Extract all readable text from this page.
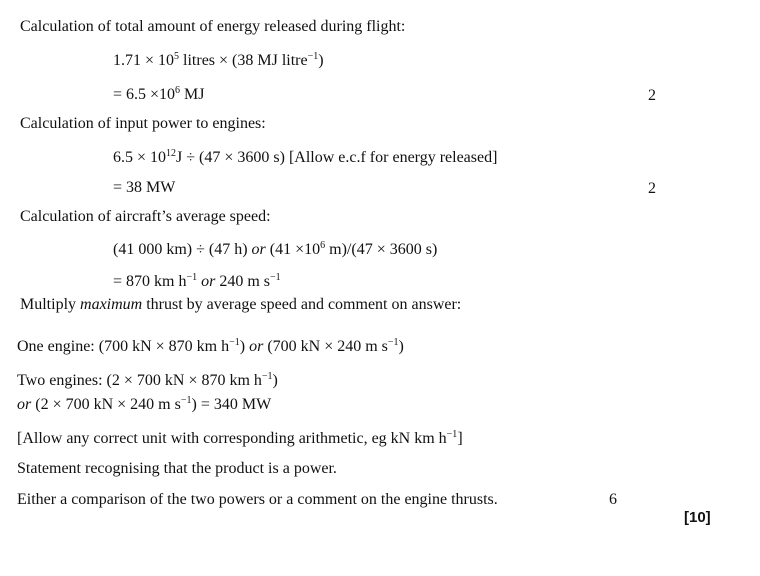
Calculation of total amount of energy released during flight:
$1.71 \times 10^5$ litres × (38 MJ litre$^{-1}$)
= $6.5 \times 10^6$ MJ	2
Calculation of input power to engines:
$6.5 \times 10^{12}J \div (47 \times 3600$ s) [Allow e.c.f for energy released]
= 38 MW	2
Calculation of aircraft’s average speed:
(41 000 km) ÷ (47 h) or ($41 \times 10^6$ m)/(47 × 3600 s)
= 870 km $h^{-1}$ or 240 m $s^{-1}$
Multiply maximum thrust by average speed and comment on answer:
One engine: (700 kN × 870 km $h^{-1}$) or (700 kN × 240 m $s^{-1}$)
Two engines: (2 × 700 kN × 870 km $h^{-1}$)
or (2 × 700 kN × 240 m $s^{-1}) = 340$ MW
[Allow any correct unit with corresponding arithmetic, eg kN km $h^{-1}$]
Statement recognising that the product is a power.
Either a comparison of the two powers or a comment on the engine thrusts.	6
[10]
